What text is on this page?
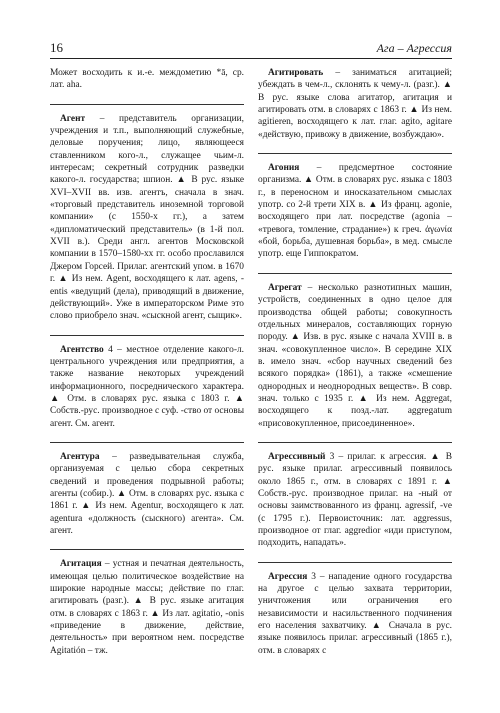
16	Ага – Агрессия

Может восходить к и.-е. междометию *ā, ср. лат. aha.

Агент – представитель организации, учреждения и т.п., выполняющий служебные, деловые поручения; лицо, являющееся ставленником кого-л., служащее чьим-л. интересам; секретный сотрудник разведки какого-л. государства; шпион. ▲ В рус. языке XVI–XVII вв. изв. агентъ, сначала в знач. «торговый представитель иноземной торговой компании» (с 1550-х гг.), а затем «дипломатический представитель» (в 1-й пол. XVII в.). Среди англ. агентов Московской компании в 1570–1580-хх гг. особо прославился Джером Горсей. Прилаг. агентский упом. в 1670 г. ▲ Из нем. Agent, восходящего к лат. agens, -entis «ведущий (дела), приводящий в движение, действующий». Уже в императорском Риме это слово приобрело знач. «сыскной агент, сыщик».

Агентство 4 – местное отделение какого-л. центрального учреждения или предприятия, а также название некоторых учреждений информационного, посреднического характера. ▲ Отм. в словарях рус. языка с 1803 г. ▲ Собств.-рус. производное с суф. -ство от основы агент. См. агент.

Агентура – разведывательная служба, организуемая с целью сбора секретных сведений и проведения подрывной работы; агенты (собир.). ▲ Отм. в словарях рус. языка с 1861 г. ▲ Из нем. Agentur, восходящего к лат. agentura «должность (сыскного) агента». См. агент.

Агитация – устная и печатная деятельность, имеющая целью политическое воздействие на широкие народные массы; действие по глаг. агитировать (разг.). ▲ В рус. языке агитация отм. в словарях с 1863 г. ▲ Из лат. agitatio, -onis «приведение в движение, действие, деятельность» при вероятном нем. посредстве Agitatión – тж.

Агитировать – заниматься агитацией; убеждать в чем-л., склонять к чему-л. (разг.). ▲ В рус. языке слова агитатор, агитация и агитировать отм. в словарях с 1863 г. ▲ Из нем. agitieren, восходящего к лат. глаг. agito, agitare «действую, привожу в движение, возбуждаю».

Агония – предсмертное состояние организма. ▲ Отм. в словарях рус. языка с 1803 г., в переносном и иносказательном смыслах употр. со 2-й трети XIX в. ▲ Из франц. agonie, восходящего при лат. посредстве (agonia – «тревога, томление, страдание») к греч. ἀγωνία «бой, борьба, душевная борьба», в мед. смысле употр. еще Гиппократом.

Агрегат – несколько разнотипных машин, устройств, соединенных в одно целое для производства общей работы; совокупность отдельных минералов, составляющих горную породу. ▲ Изв. в рус. языке с начала XVIII в. в знач. «совокупленное число». В середине XIX в. имело знач. «сбор научных сведений без всякого порядка» (1861), а также «смешение однородных и неоднородных веществ». В совр. знач. только с 1935 г. ▲ Из нем. Aggregat, восходящего к позд.-лат. aggregatum «присовокупленное, присоединенное».

Агрессивный 3 – прилаг. к агрессия. ▲ В рус. языке прилаг. агрессивный появилось около 1865 г., отм. в словарях с 1891 г. ▲ Собств.-рус. производное прилаг. на -ный от основы заимствованного из франц. agressif, -ve (с 1795 г.). Первоисточник: лат. aggressus, производное от глаг. aggredior «иди приступом, подходить, нападать».

Агрессия 3 – нападение одного государства на другое с целью захвата территории, уничтожения или ограничения его независимости и насильственного подчинения его населения захватчику. ▲ Сначала в рус. языке появилось прилаг. агрессивный (1865 г.), отм. в словарях с
